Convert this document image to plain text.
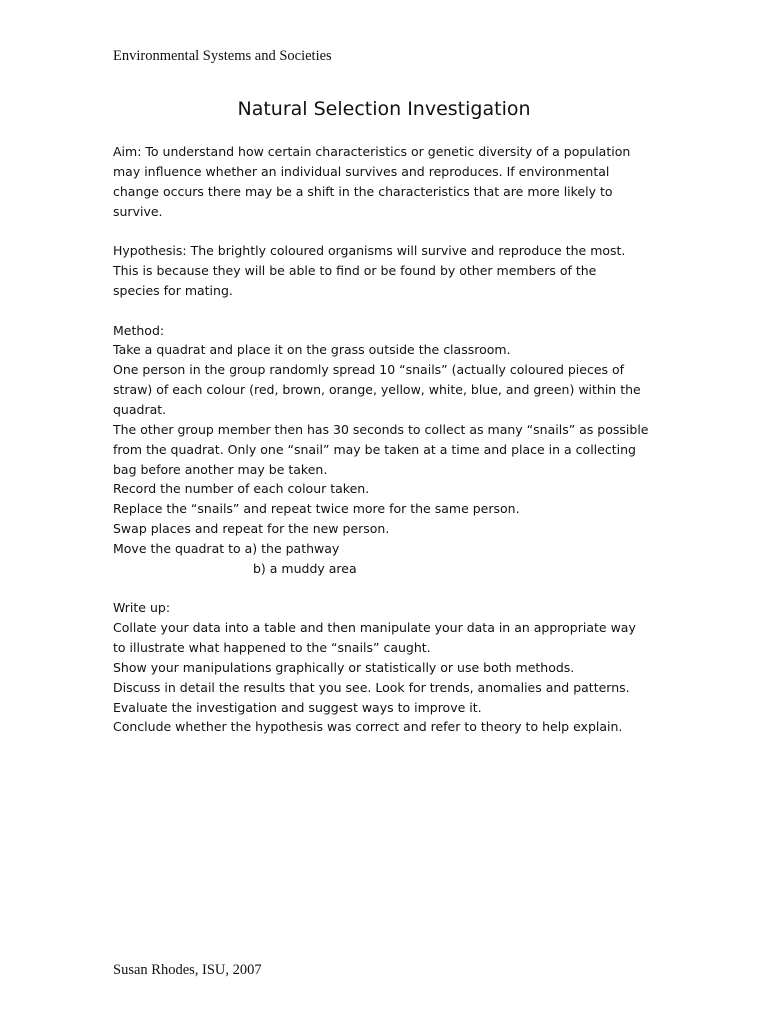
Environmental Systems and Societies
Natural Selection Investigation
Aim: To understand how certain characteristics or genetic diversity of a population
may influence whether an individual survives and reproduces. If environmental
change occurs there may be a shift in the characteristics that are more likely to
survive.
Hypothesis: The brightly coloured organisms will survive and reproduce the most.
This is because they will be able to find or be found by other members of the
species for mating.
Method:
Take a quadrat and place it on the grass outside the classroom.
One person in the group randomly spread 10 “snails” (actually coloured pieces of
straw) of each colour (red, brown, orange, yellow, white, blue, and green) within the
quadrat.
The other group member then has 30 seconds to collect as many “snails” as possible
from the quadrat. Only one “snail” may be taken at a time and place in a collecting
bag before another may be taken.
Record the number of each colour taken.
Replace the “snails” and repeat twice more for the same person.
Swap places and repeat for the new person.
Move the quadrat to a) the pathway
b) a muddy area
Write up:
Collate your data into a table and then manipulate your data in an appropriate way
to illustrate what happened to the “snails” caught.
Show your manipulations graphically or statistically or use both methods.
Discuss in detail the results that you see. Look for trends, anomalies and patterns.
Evaluate the investigation and suggest ways to improve it.
Conclude whether the hypothesis was correct and refer to theory to help explain.
Susan Rhodes, ISU, 2007
